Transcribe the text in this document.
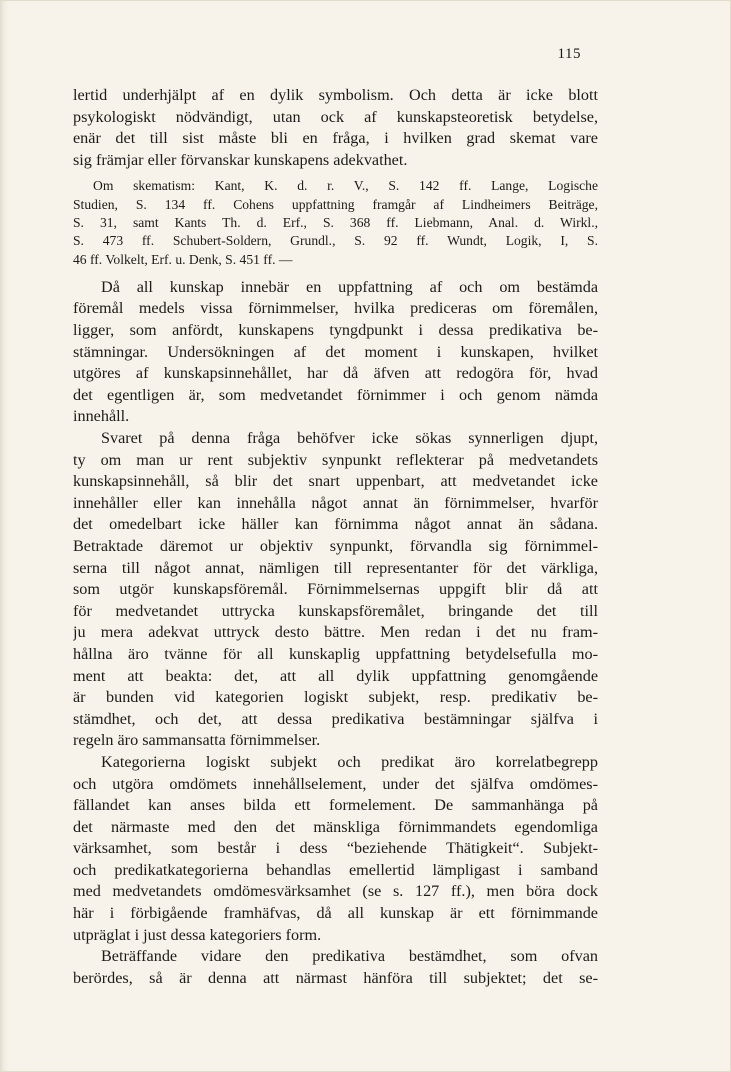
115
lertid underhjälpt af en dylik symbolism. Och detta är icke blott
psykologiskt nödvändigt, utan ock af kunskapsteoretisk betydelse,
enär det till sist måste bli en fråga, i hvilken grad skemat vare
sig främjar eller förvanskar kunskapens adekvathet.
Om skematism: Kant, K. d. r. V., S. 142 ff. Lange, Logische
Studien, S. 134 ff. Cohens uppfattning framgår af Lindheimers Beiträge,
S. 31, samt Kants Th. d. Erf., S. 368 ff. Liebmann, Anal. d. Wirkl.,
S. 473 ff. Schubert-Soldern, Grundl., S. 92 ff. Wundt, Logik, I, S.
46 ff. Volkelt, Erf. u. Denk, S. 451 ff. —
Då all kunskap innebär en uppfattning af och om bestämda
föremål medels vissa förnimmelser, hvilka prediceras om föremålen,
ligger, som anfördt, kunskapens tyngdpunkt i dessa predikativa be-
stämningar. Undersökningen af det moment i kunskapen, hvilket
utgöres af kunskapsinnehållet, har då äfven att redogöra för, hvad
det egentligen är, som medvetandet förnimmer i och genom nämda
innehåll.
Svaret på denna fråga behöfver icke sökas synnerligen djupt,
ty om man ur rent subjektiv synpunkt reflekterar på medvetandets
kunskapsinnehåll, så blir det snart uppenbart, att medvetandet icke
innehåller eller kan innehålla något annat än förnimmelser, hvarför
det omedelbart icke häller kan förnimma något annat än sådana.
Betraktade däremot ur objektiv synpunkt, förvandla sig förnimmel-
serna till något annat, nämligen till representanter för det värkliga,
som utgör kunskapsföremål. Förnimmelsernas uppgift blir då att
för medvetandet uttrycka kunskapsföremålet, bringande det till
ju mera adekvat uttryck desto bättre. Men redan i det nu fram-
hållna äro tvänne för all kunskaplig uppfattning betydelsefulla mo-
ment att beakta: det, att all dylik uppfattning genomgående
är bunden vid kategorien logiskt subjekt, resp. predikativ be-
stämdhet, och det, att dessa predikativa bestämningar själfva i
regeln äro sammansatta förnimmelser.
Kategorierna logiskt subjekt och predikat äro korrelatbegrepp
och utgöra omdömets innehållselement, under det själfva omdömes-
fällandet kan anses bilda ett formelement. De sammanhänga på
det närmaste med den det mänskliga förnimmandets egendomliga
värksamhet, som består i dess “beziehende Thätigkeit“. Subjekt-
och predikatkategorierna behandlas emellertid lämpligast i samband
med medvetandets omdömesvärksamhet (se s. 127 ff.), men böra dock
här i förbigående framhäfvas, då all kunskap är ett förnimmande
utpräglat i just dessa kategoriers form.
Beträffande vidare den predikativa bestämdhet, som ofvan
berördes, så är denna att närmast hänföra till subjektet; det se-
